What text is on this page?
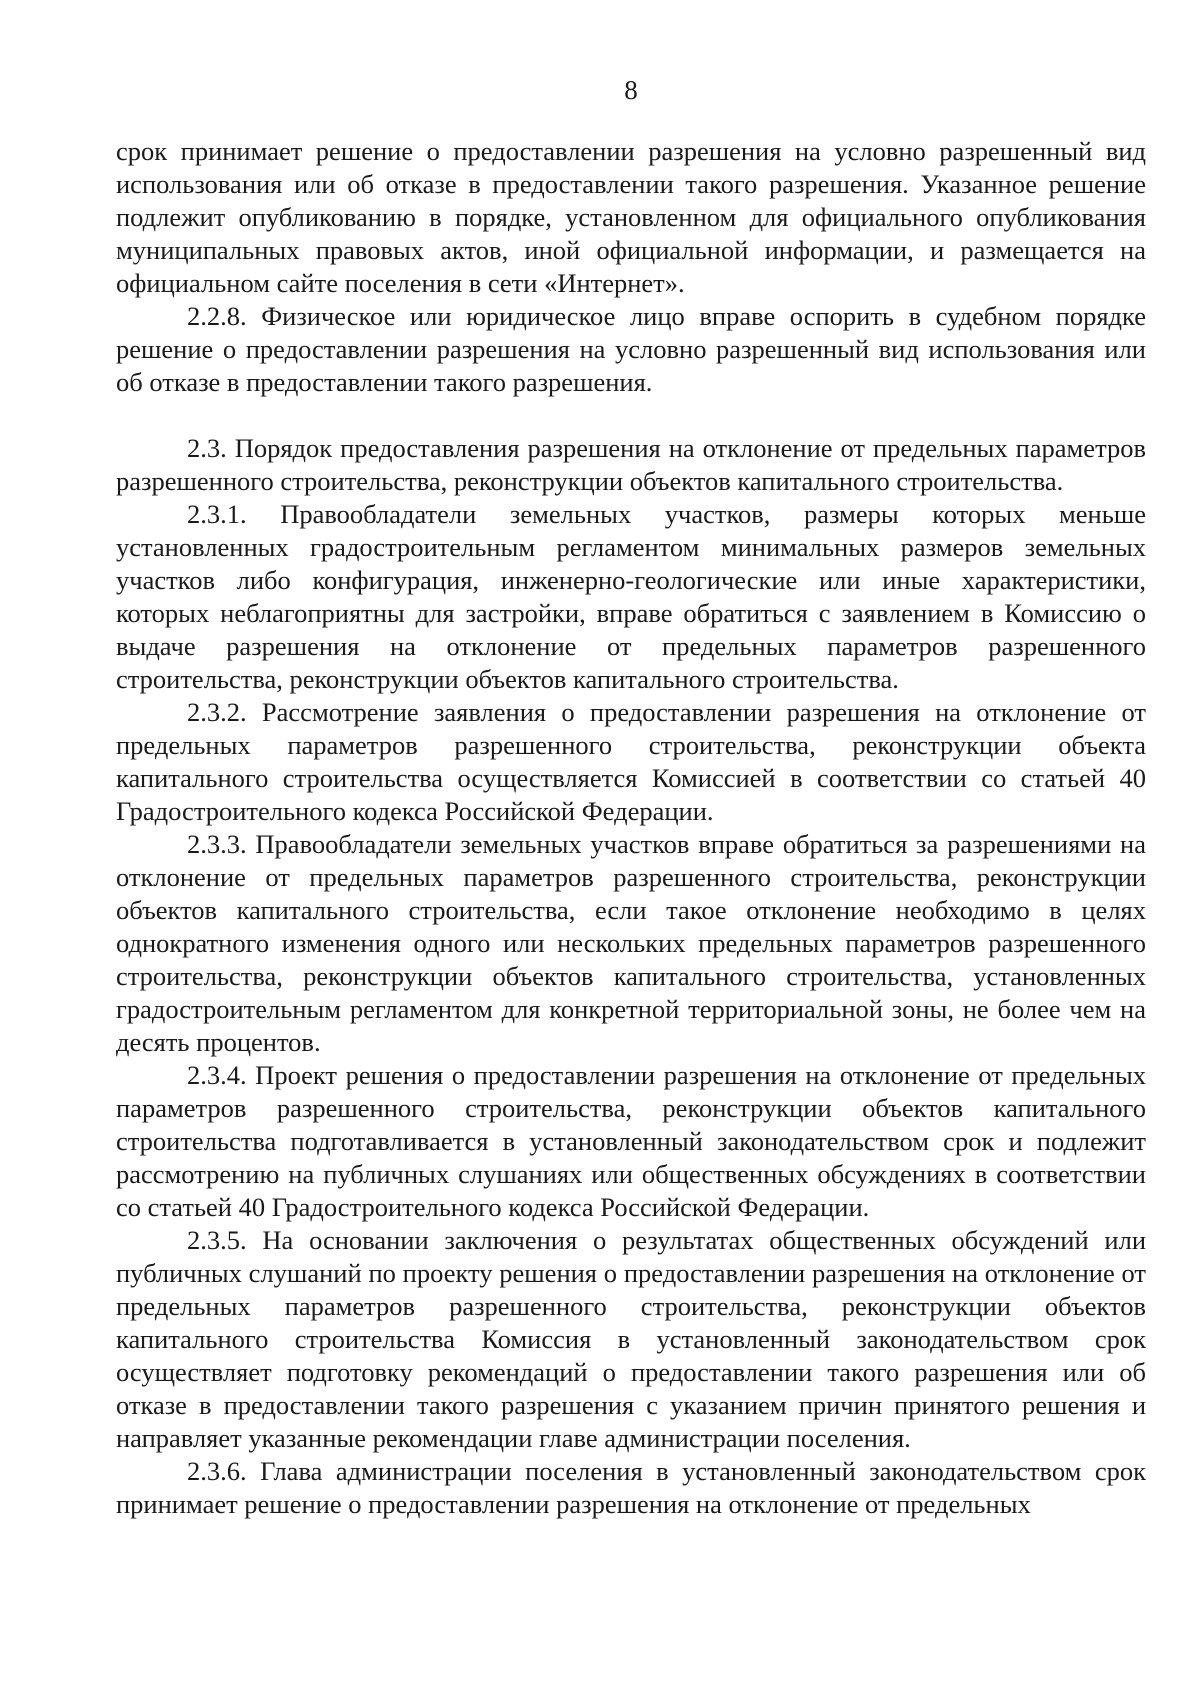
8

срок принимает решение о предоставлении разрешения на условно разрешенный вид использования или об отказе в предоставлении такого разрешения. Указанное решение подлежит опубликованию в порядке, установленном для официального опубликования муниципальных правовых актов, иной официальной информации, и размещается на официальном сайте поселения в сети «Интернет».

2.2.8. Физическое или юридическое лицо вправе оспорить в судебном порядке решение о предоставлении разрешения на условно разрешенный вид использования или об отказе в предоставлении такого разрешения.

2.3. Порядок предоставления разрешения на отклонение от предельных параметров разрешенного строительства, реконструкции объектов капитального строительства.

2.3.1. Правообладатели земельных участков, размеры которых меньше установленных градостроительным регламентом минимальных размеров земельных участков либо конфигурация, инженерно-геологические или иные характеристики, которых неблагоприятны для застройки, вправе обратиться с заявлением в Комиссию о выдаче разрешения на отклонение от предельных параметров разрешенного строительства, реконструкции объектов капитального строительства.

2.3.2. Рассмотрение заявления о предоставлении разрешения на отклонение от предельных параметров разрешенного строительства, реконструкции объекта капитального строительства осуществляется Комиссией в соответствии со статьей 40 Градостроительного кодекса Российской Федерации.

2.3.3. Правообладатели земельных участков вправе обратиться за разрешениями на отклонение от предельных параметров разрешенного строительства, реконструкции объектов капитального строительства, если такое отклонение необходимо в целях однократного изменения одного или нескольких предельных параметров разрешенного строительства, реконструкции объектов капитального строительства, установленных градостроительным регламентом для конкретной территориальной зоны, не более чем на десять процентов.

2.3.4. Проект решения о предоставлении разрешения на отклонение от предельных параметров разрешенного строительства, реконструкции объектов капитального строительства подготавливается в установленный законодательством срок и подлежит рассмотрению на публичных слушаниях или общественных обсуждениях в соответствии со статьей 40 Градостроительного кодекса Российской Федерации.

2.3.5. На основании заключения о результатах общественных обсуждений или публичных слушаний по проекту решения о предоставлении разрешения на отклонение от предельных параметров разрешенного строительства, реконструкции объектов капитального строительства Комиссия в установленный законодательством срок осуществляет подготовку рекомендаций о предоставлении такого разрешения или об отказе в предоставлении такого разрешения с указанием причин принятого решения и направляет указанные рекомендации главе администрации поселения.

2.3.6. Глава администрации поселения в установленный законодательством срок принимает решение о предоставлении разрешения на отклонение от предельных
